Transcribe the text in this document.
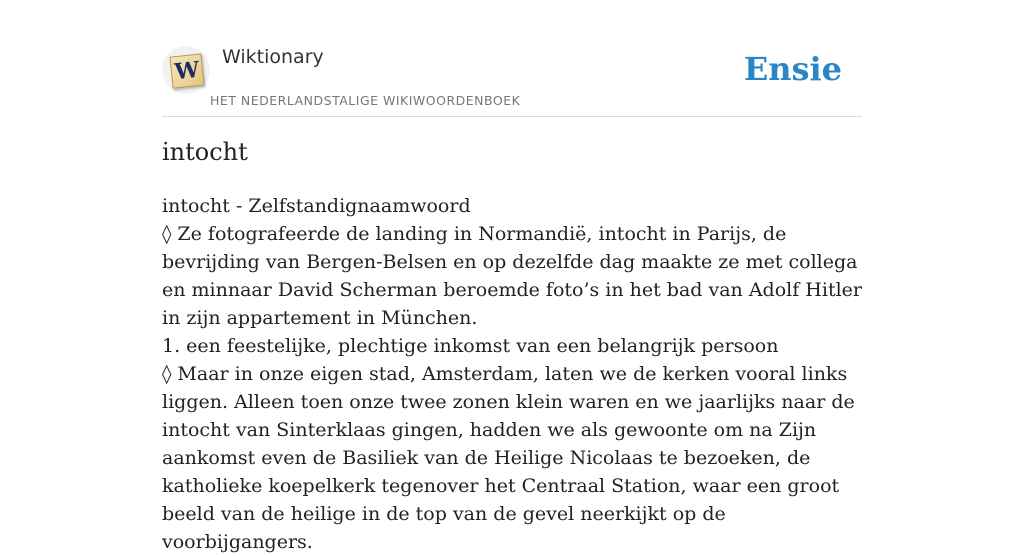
W Wiktionary
HET NEDERLANDSTALIGE WIKIWOORDENBOEK
Ensie
intocht

intocht - Zelfstandignaamwoord

◊ Ze fotografeerde de landing in Normandië, intocht in Parijs, de bevrijding van Bergen-Belsen en op dezelfde dag maakte ze met collega en minnaar David Scherman beroemde foto’s in het bad van Adolf Hitler in zijn appartement in München.

1. een feestelijke, plechtige inkomst van een belangrijk persoon

◊ Maar in onze eigen stad, Amsterdam, laten we de kerken vooral links liggen. Alleen toen onze twee zonen klein waren en we jaarlijks naar de intocht van Sinterklaas gingen, hadden we als gewoonte om na Zijn aankomst even de Basiliek van de Heilige Nicolaas te bezoeken, de katholieke koepelkerk tegenover het Centraal Station, waar een groot beeld van de heilige in de top van de gevel neerkijkt op de voorbijgangers.
